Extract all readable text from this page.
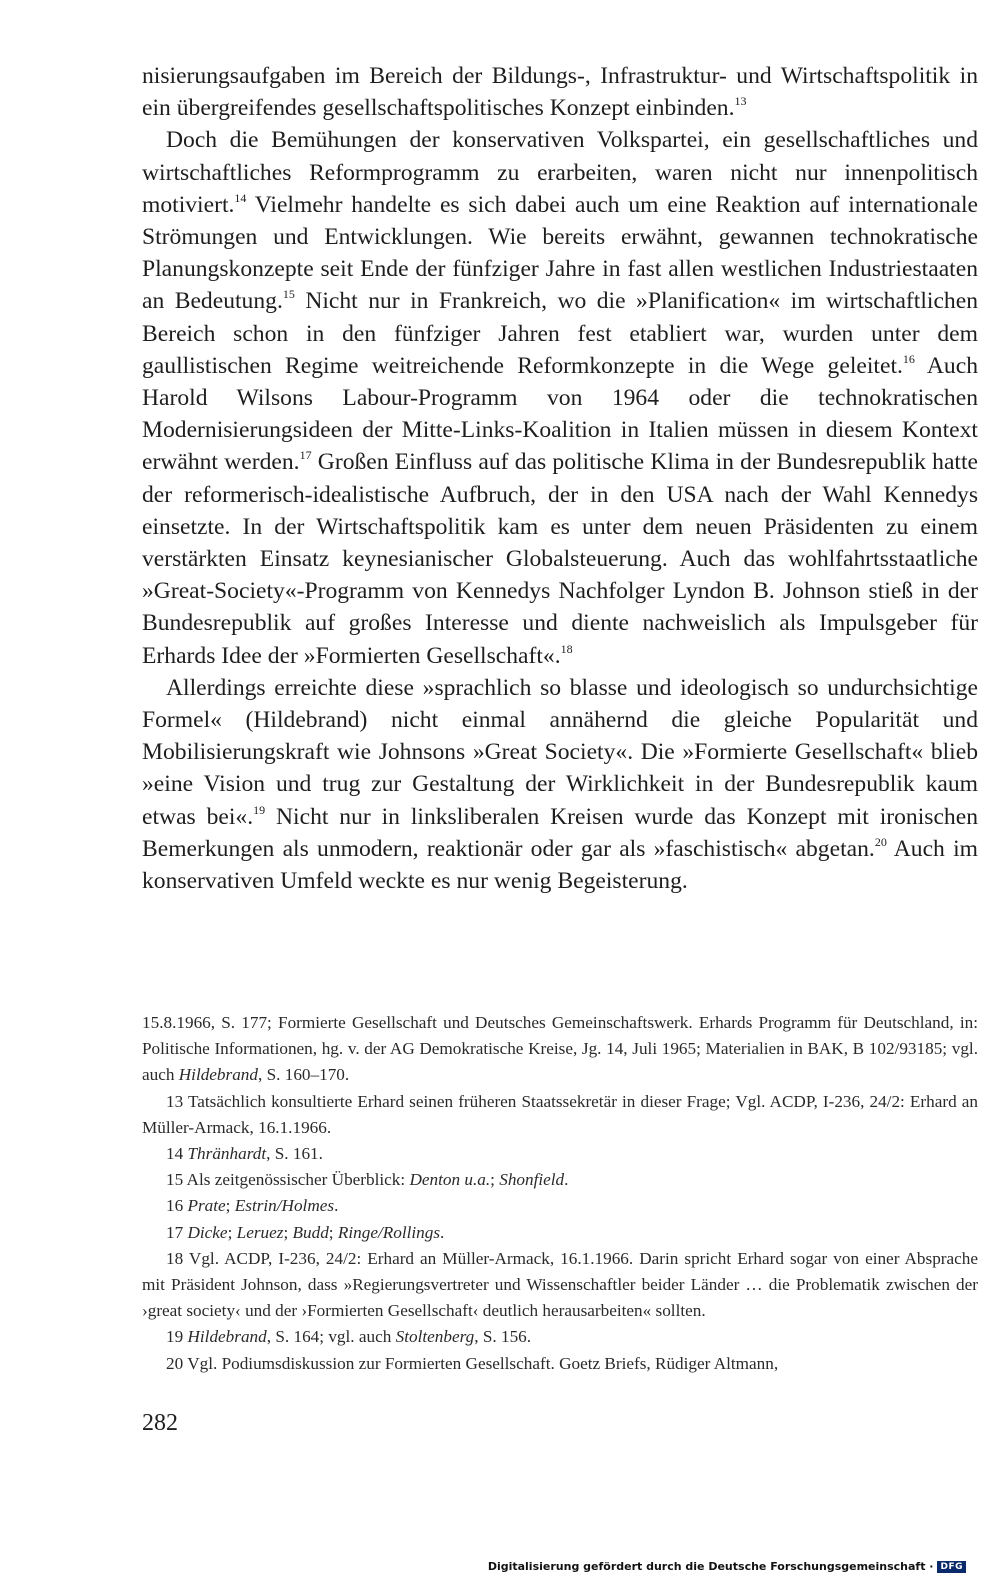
nisierungsaufgaben im Bereich der Bildungs-, Infrastruktur- und Wirtschaftspolitik in ein übergreifendes gesellschaftspolitisches Konzept einbinden.$^{13}$

Doch die Bemühungen der konservativen Volkspartei, ein gesellschaftliches und wirtschaftliches Reformprogramm zu erarbeiten, waren nicht nur innenpolitisch motiviert.$^{14}$ Vielmehr handelte es sich dabei auch um eine Reaktion auf internationale Strömungen und Entwicklungen. Wie bereits erwähnt, gewannen technokratische Planungskonzepte seit Ende der fünfziger Jahre in fast allen westlichen Industriestaaten an Bedeutung.$^{15}$ Nicht nur in Frankreich, wo die »Planification« im wirtschaftlichen Bereich schon in den fünfziger Jahren fest etabliert war, wurden unter dem gaullistischen Regime weitreichende Reformkonzepte in die Wege geleitet.$^{16}$ Auch Harold Wilsons Labour-Programm von 1964 oder die technokratischen Modernisierungsideen der Mitte-Links-Koalition in Italien müssen in diesem Kontext erwähnt werden.$^{17}$ Großen Einfluss auf das politische Klima in der Bundesrepublik hatte der reformerisch-idealistische Aufbruch, der in den USA nach der Wahl Kennedys einsetzte. In der Wirtschaftspolitik kam es unter dem neuen Präsidenten zu einem verstärkten Einsatz keynesianischer Globalsteuerung. Auch das wohlfahrtsstaatliche »Great-Society«-Programm von Kennedys Nachfolger Lyndon B. Johnson stieß in der Bundesrepublik auf großes Interesse und diente nachweislich als Impulsgeber für Erhards Idee der »Formierten Gesellschaft«.$^{18}$

Allerdings erreichte diese »sprachlich so blasse und ideologisch so undurchsichtige Formel« (Hildebrand) nicht einmal annähernd die gleiche Popularität und Mobilisierungskraft wie Johnsons »Great Society«. Die »Formierte Gesellschaft« blieb »eine Vision und trug zur Gestaltung der Wirklichkeit in der Bundesrepublik kaum etwas bei«.$^{19}$ Nicht nur in linksliberalen Kreisen wurde das Konzept mit ironischen Bemerkungen als unmodern, reaktionär oder gar als »faschistisch« abgetan.$^{20}$ Auch im konservativen Umfeld weckte es nur wenig Begeisterung.

15.8.1966, S. 177; Formierte Gesellschaft und Deutsches Gemeinschaftswerk. Erhards Programm für Deutschland, in: Politische Informationen, hg. v. der AG Demokratische Kreise, Jg. 14, Juli 1965; Materialien in BAK, B 102/93185; vgl. auch Hildebrand, S. 160–170.

13 Tatsächlich konsultierte Erhard seinen früheren Staatssekretär in dieser Frage; Vgl. ACDP, I-236, 24/2: Erhard an Müller-Armack, 16.1.1966.

14 Thränhardt, S. 161.

15 Als zeitgenössischer Überblick: Denton u.a.; Shonfield.

16 Prate; Estrin/Holmes.

17 Dicke; Leruez; Budd; Ringe/Rollings.

18 Vgl. ACDP, I-236, 24/2: Erhard an Müller-Armack, 16.1.1966. Darin spricht Erhard sogar von einer Absprache mit Präsident Johnson, dass »Regierungsvertreter und Wissenschaftler beider Länder … die Problematik zwischen der ›great society‹ und der ›Formierten Gesellschaft‹ deutlich herausarbeiten« sollten.

19 Hildebrand, S. 164; vgl. auch Stoltenberg, S. 156.

20 Vgl. Podiumsdiskussion zur Formierten Gesellschaft. Goetz Briefs, Rüdiger Altmann,

282
Digitalisierung gefördert durch die Deutsche Forschungsgemeinschaft · DFG
